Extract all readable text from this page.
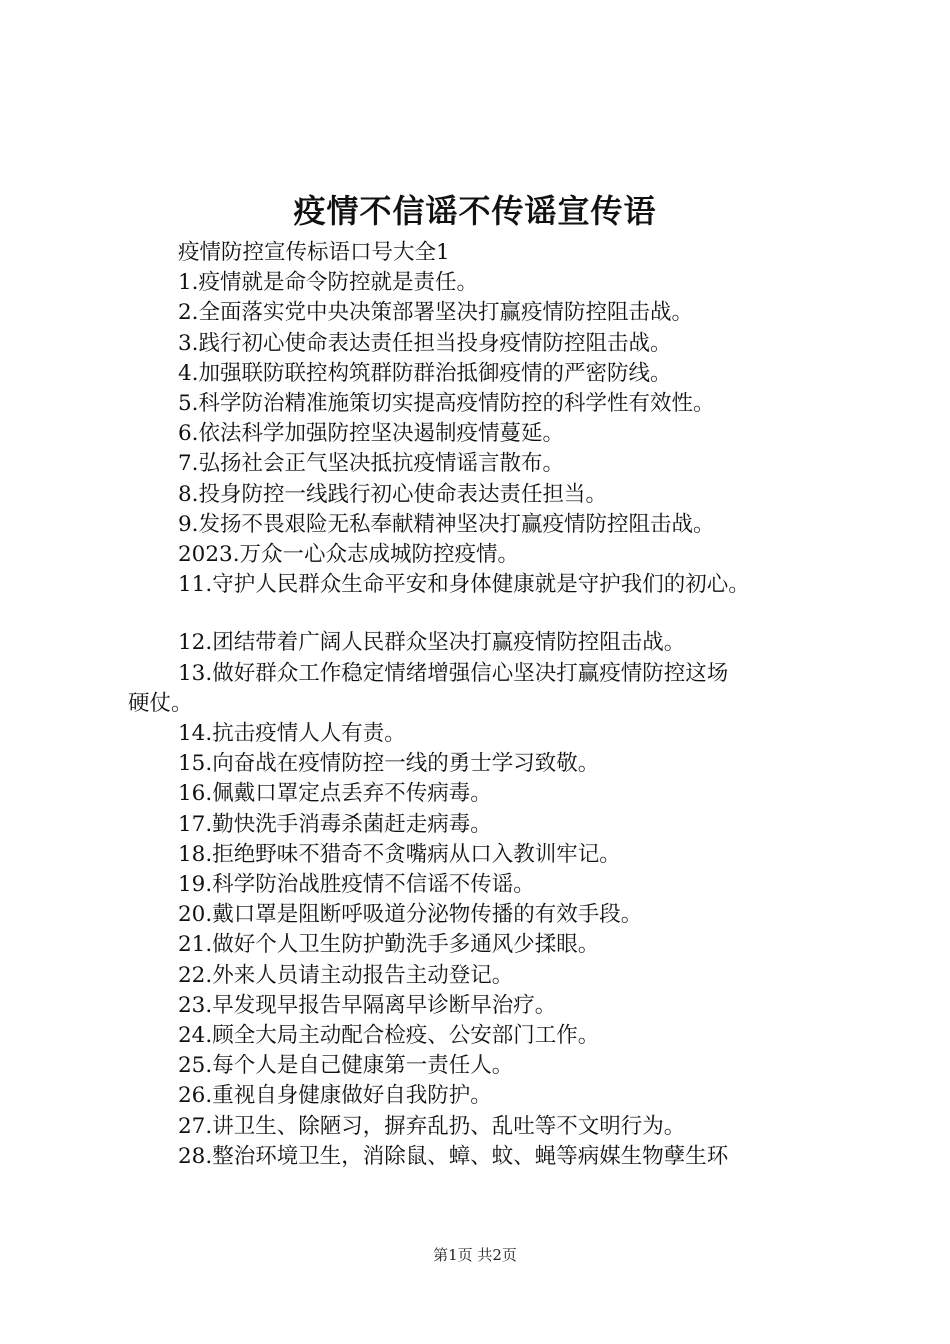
疫情不信谣不传谣宣传语

疫情防控宣传标语口号大全1

1.疫情就是命令防控就是责任。

2.全面落实党中央决策部署坚决打赢疫情防控阻击战。

3.践行初心使命表达责任担当投身疫情防控阻击战。

4.加强联防联控构筑群防群治抵御疫情的严密防线。

5.科学防治精准施策切实提高疫情防控的科学性有效性。

6.依法科学加强防控坚决遏制疫情蔓延。

7.弘扬社会正气坚决抵抗疫情谣言散布。

8.投身防控一线践行初心使命表达责任担当。

9.发扬不畏艰险无私奉献精神坚决打赢疫情防控阻击战。

2023.万众一心众志成城防控疫情。

11.守护人民群众生命平安和身体健康就是守护我们的初心。

12.团结带着广阔人民群众坚决打赢疫情防控阻击战。

13.做好群众工作稳定情绪增强信心坚决打赢疫情防控这场

硬仗。

14.抗击疫情人人有责。

15.向奋战在疫情防控一线的勇士学习致敬。

16.佩戴口罩定点丢弃不传病毒。

17.勤快洗手消毒杀菌赶走病毒。

18.拒绝野味不猎奇不贪嘴病从口入教训牢记。

19.科学防治战胜疫情不信谣不传谣。

20.戴口罩是阻断呼吸道分泌物传播的有效手段。

21.做好个人卫生防护勤洗手多通风少揉眼。

22.外来人员请主动报告主动登记。

23.早发现早报告早隔离早诊断早治疗。

24.顾全大局主动配合检疫、公安部门工作。

25.每个人是自己健康第一责任人。

26.重视自身健康做好自我防护。

27.讲卫生、除陋习，摒弃乱扔、乱吐等不文明行为。

28.整治环境卫生，消除鼠、蟑、蚊、蝇等病媒生物孽生环

第1页 共2页
